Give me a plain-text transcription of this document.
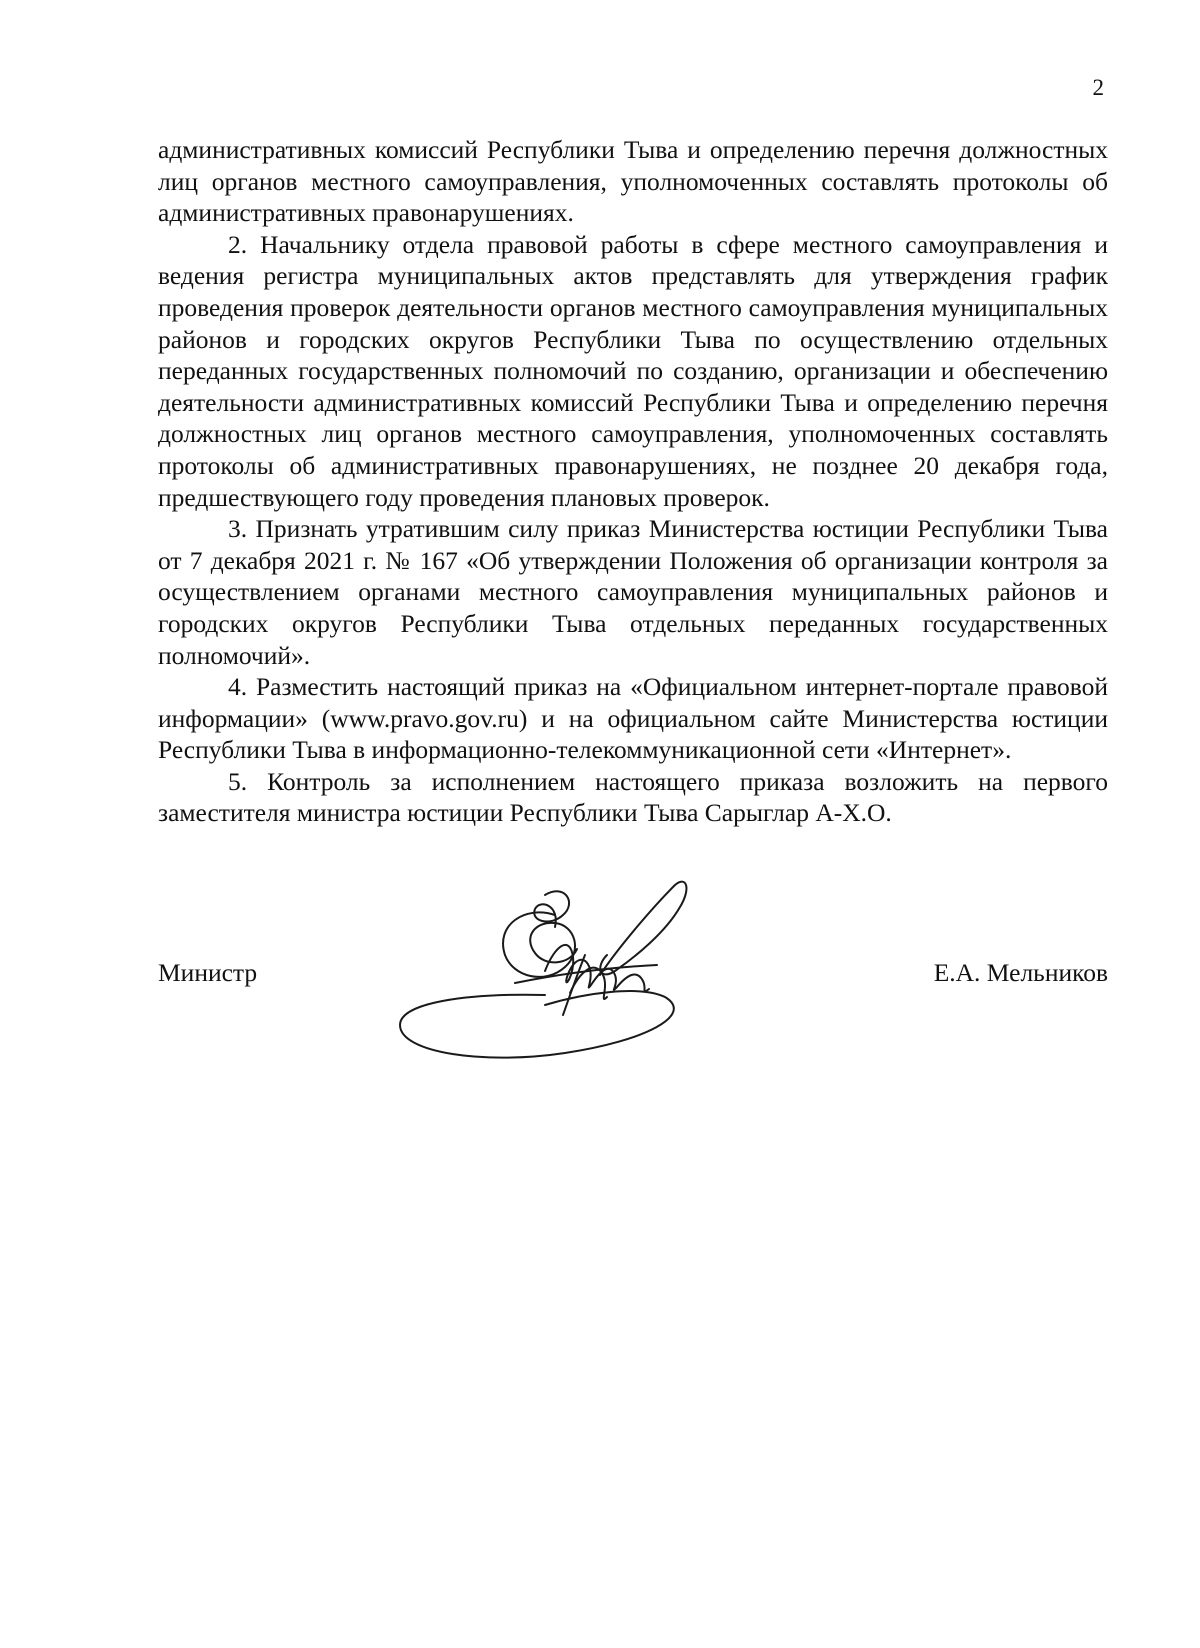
2

административных комиссий Республики Тыва и определению перечня должностных лиц органов местного самоуправления, уполномоченных составлять протоколы об административных правонарушениях.

2. Начальнику отдела правовой работы в сфере местного самоуправления и ведения регистра муниципальных актов представлять для утверждения график проведения проверок деятельности органов местного самоуправления муниципальных районов и городских округов Республики Тыва по осуществлению отдельных переданных государственных полномочий по созданию, организации и обеспечению деятельности административных комиссий Республики Тыва и определению перечня должностных лиц органов местного самоуправления, уполномоченных составлять протоколы об административных правонарушениях, не позднее 20 декабря года, предшествующего году проведения плановых проверок.

3. Признать утратившим силу приказ Министерства юстиции Республики Тыва от 7 декабря 2021 г. № 167 «Об утверждении Положения об организации контроля за осуществлением органами местного самоуправления муниципальных районов и городских округов Республики Тыва отдельных переданных государственных полномочий».

4. Разместить настоящий приказ на «Официальном интернет-портале правовой информации» (www.pravo.gov.ru) и на официальном сайте Министерства юстиции Республики Тыва в информационно-телекоммуникационной сети «Интернет».

5. Контроль за исполнением настоящего приказа возложить на первого заместителя министра юстиции Республики Тыва Сарыглар А-Х.О.

Министр	Е.А. Мельников
